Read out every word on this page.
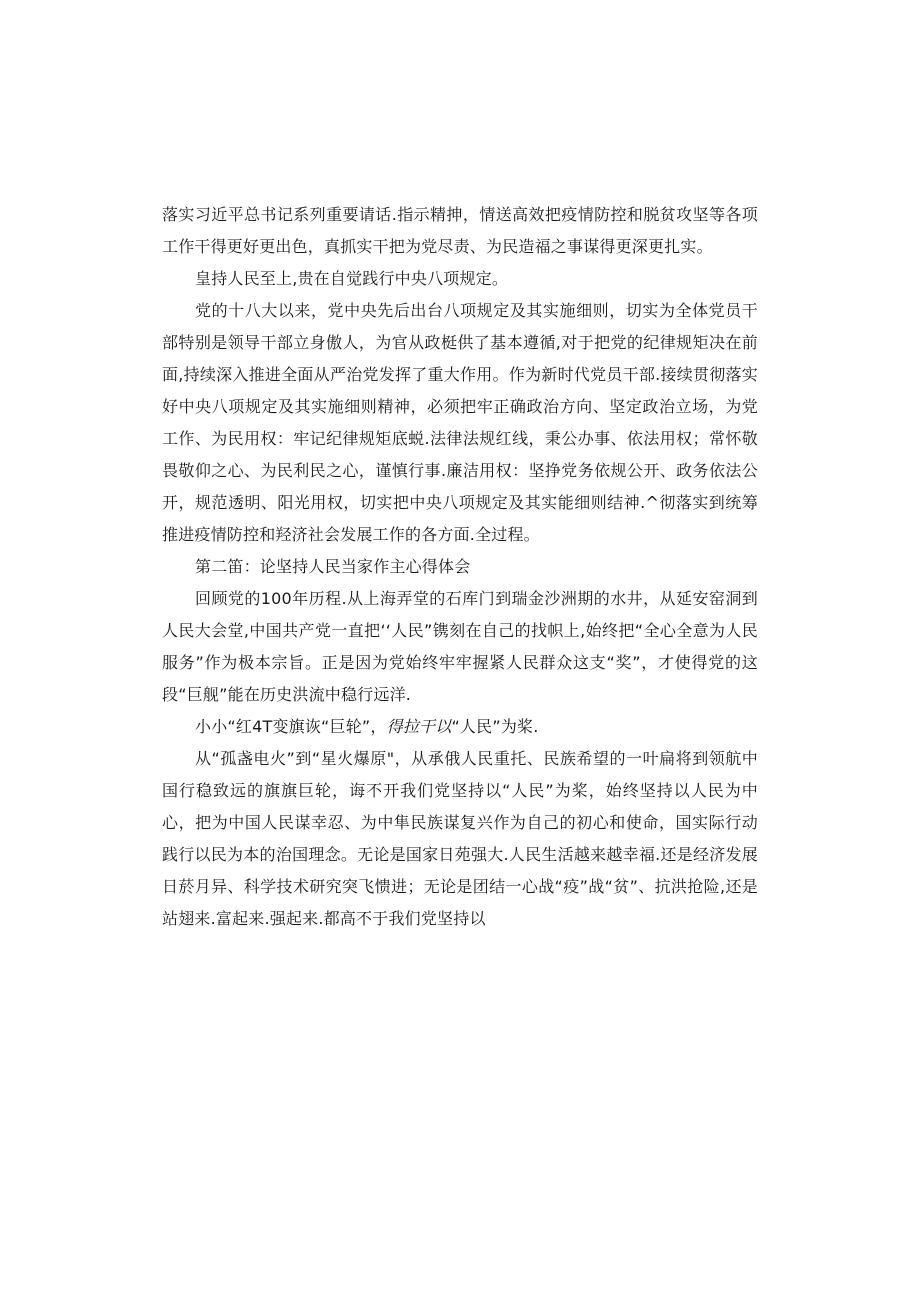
落实习近平总书记系列重要请话.指示精抻，情送高效把疫情防控和脱贫攻坚等各项工作干得更好更出色，真抓实干把为党尽责、为民造福之事谋得更深更扎实。

皇持人民至上,贵在自觉践行中央八项规定。

党的十八大以来，党中央先后出台八项规定及其实施细则，切实为全体党员干部特别是领导干部立身傲人，为官从政梃供了基本遵循,对于把党的纪律规矩决在前面,持续深入推进全面从严治党发挥了重大作用。作为新时代党员干部.接续贯彻落实好中央八项规定及其实施细则精神，必须把牢正确政治方向、坚定政治立场，为党工作、为民用权：牢记纪律规矩底蜕.法律法规红线，秉公办事、依法用权；常怀敬畏敬仰之心、为民利民之心，谨慎行事.廉洁用权：坚挣党务依规公开、政务依法公开，规范透明、阳光用权，切实把中央八项规定及其实能细则结神.^彻落实到统筹推进疫情防控和羟济社会发展工作的各方面.全过程。

第二笛：论坚持人民当家作主心得体会

回顾党的100年历程.从上海弄堂的石库门到瑞金沙洲期的水井，从延安窑洞到人民大会堂,中国共产党一直把‘‘人民”镌刻在自己的找帜上,始终把“全心全意为人民服务”作为极本宗旨。正是因为党始终牢牢握紧人民群众这支“奖”，才使得党的这段“巨舰”能在历史洪流中稳行远洋.

小小“红4T变旗诙“巨轮”，得拉干以“人民”为桨.

从“孤盏电火”到“星火爆原"，从承俄人民重托、民族希望的一叶扁将到领航中国行稳致远的旗旗巨轮，诲不开我们党坚持以“人民”为桨，始终坚持以人民为中心，把为中国人民谋幸忍、为中隼民族谋复兴作为自己的初心和使命，国实际行动践行以民为本的治国理念。无论是国家日苑强大.人民生活越来越幸福.还是经济发展日菸月异、科学技术研究突飞愦进；无论是团结一心战“疫”战“贫”、抗洪抢险,还是站翅来.富起来.强起来.都高不于我们党坚持以
